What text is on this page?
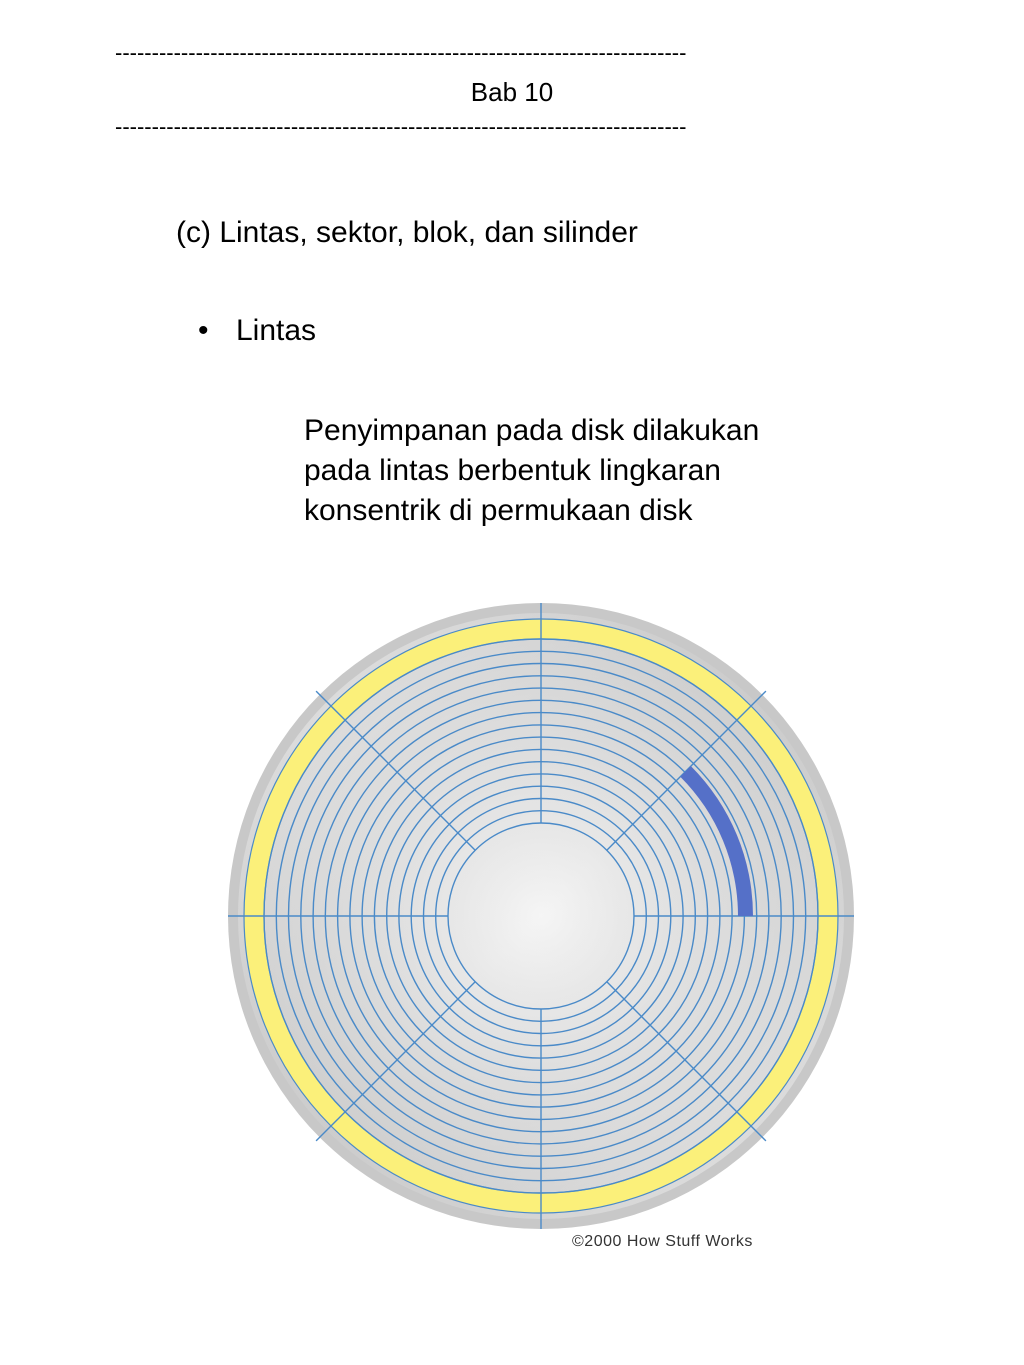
------------------------------------------------------------------------------
Bab 10
------------------------------------------------------------------------------
(c) Lintas, sektor, blok, dan silinder
• Lintas
Penyimpanan pada disk dilakukan
pada lintas berbentuk lingkaran
konsentrik di permukaan disk
©2000 How Stuff Works
